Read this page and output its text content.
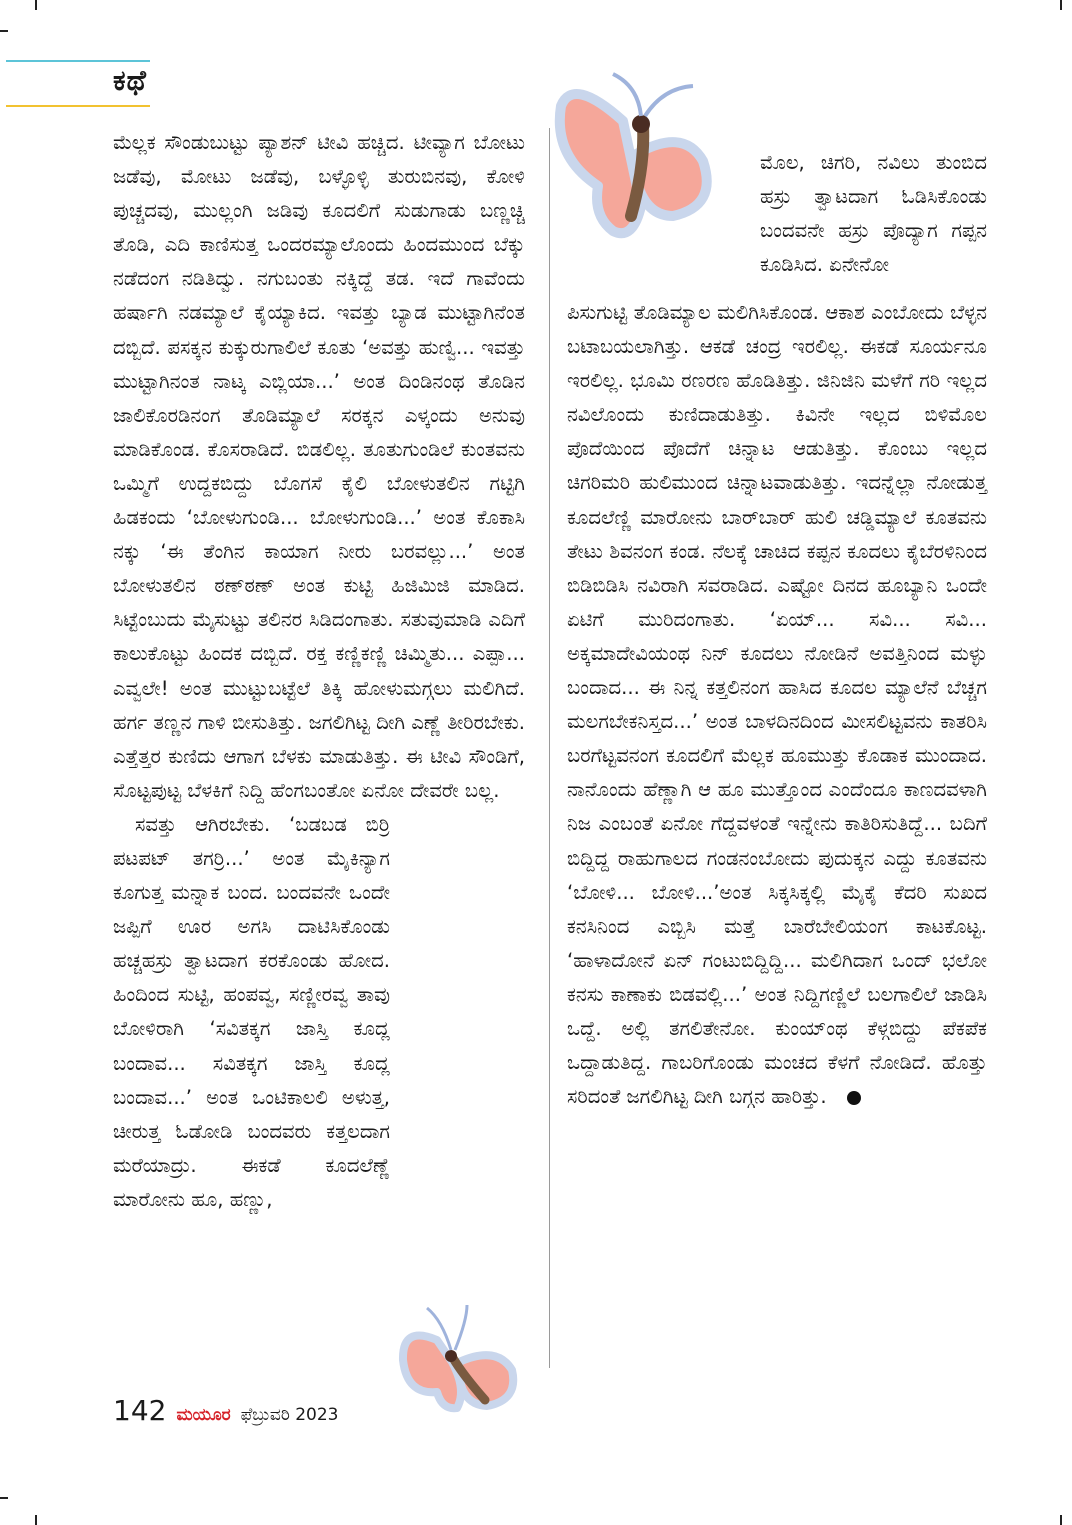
ಕಥೆ

ಮೆಲ್ಲಕ ಸೌಂಡುಬುಟ್ಟು ಪ್ಯಾಶನ್ ಟೀವಿ ಹಚ್ಚಿದ. ಟೀವ್ಯಾಗ ಬೋಟು ಜಡೆವು, ಮೋಟು ಜಡೆವು, ಬಳ್ಳೊಳ್ಳಿ ತುರುಬಿನವು, ಕೋಳಿ ಪುಚ್ಚದವು, ಮುಲ್ಲಂಗಿ ಜಡಿವು ಕೂದಲಿಗೆ ಸುಡುಗಾಡು ಬಣ್ಣಚ್ಚಿ ತೊಡಿ, ಎದಿ ಕಾಣಿಸುತ್ತ ಒಂದರಮ್ಯಾಲೊಂದು ಹಿಂದಮುಂದ ಬೆಕ್ಕು ನಡೆದಂಗ ನಡಿತಿದ್ವು. ನಗುಬಂತು ನಕ್ಕಿದ್ದೆ ತಡ. ಇದೆ ಗಾವೆಂದು ಹರ್ಷಾಗಿ ನಡಮ್ಯಾಲೆ ಕೈಯ್ಯಾಕಿದ. ಇವತ್ತು ಬ್ಯಾಡ ಮುಟ್ಟಾಗಿನೆಂತ ದಬ್ಬಿದೆ. ಪಸಕ್ಕನ ಕುಕ್ಕುರುಗಾಲಿಲೆ ಕೂತು ‘ಅವತ್ತು ಹುಣ್ವಿ... ಇವತ್ತು ಮುಟ್ಟಾಗಿನಂತ ನಾಟ್ಕ ಎಬ್ಲಿಯಾ...’ ಅಂತ ದಿಂಡಿನಂಥ ತೊಡಿನ ಜಾಲಿಕೊರಡಿನಂಗ ತೊಡಿಮ್ಯಾಲೆ ಸರಕ್ಕನ ಎಳ್ಕಂದು ಅನುವು ಮಾಡಿಕೊಂಡ. ಕೊಸರಾಡಿದೆ. ಬಿಡಲಿಲ್ಲ. ತೂತುಗುಂಡಿಲೆ ಕುಂತವನು ಒಮ್ಮಿಗೆ ಉದ್ದಕಬಿದ್ದು ಬೊಗಸೆ ಕೈಲಿ ಬೋಳುತಲಿನ ಗಟ್ಟಿಗಿ ಹಿಡಕಂದು ‘ಬೋಳುಗುಂಡಿ... ಬೋಳುಗುಂಡಿ...’ ಅಂತ ಕೊಕಾಸಿ ನಕ್ಕು ‘ಈ ತೆಂಗಿನ ಕಾಯಾಗ ನೀರು ಬರವಲ್ಲು...’ ಅಂತ ಬೋಳುತಲಿನ ಠಣ್‌ಠಣ್ ಅಂತ ಕುಟ್ಟಿ ಹಿಜಿಮಿಜಿ ಮಾಡಿದ. ಸಿಟ್ಟೆಂಬುದು ಮೈಸುಟ್ಟು ತಲಿನರ ಸಿಡಿದಂಗಾತು. ಸತುವುಮಾಡಿ ಎದಿಗೆ ಕಾಲುಕೊಟ್ಟು ಹಿಂದಕ ದಬ್ಬಿದೆ. ರಕ್ತ ಕಣ್ಣಿಕಣ್ಣಿ ಚಿಮ್ಮಿತು... ಎಪ್ಪಾ... ಎವ್ವಲೇ! ಅಂತ ಮುಟ್ಟುಬಟ್ಟೆಲೆ ತಿಕ್ಕಿ ಹೋಳುಮಗ್ಗಲು ಮಲಿಗಿದೆ. ಹರ್ಗ ತಣ್ಣನ ಗಾಳಿ ಬೀಸುತಿತ್ತು. ಜಗಲಿಗಿಟ್ಟ ದೀಗಿ ಎಣ್ಣೆ ತೀರಿರಬೇಕು. ಎತ್ತೆತ್ತರ ಕುಣಿದು ಆಗಾಗ ಬೆಳಕು ಮಾಡುತಿತ್ತು. ಈ ಟೀವಿ ಸೌಂಡಿಗೆ, ಸೊಟ್ಟಪುಟ್ಟ ಬೆಳಕಿಗೆ ನಿದ್ದಿ ಹೆಂಗಬಂತೋ ಏನೋ ದೇವರೇ ಬಲ್ಲ.

ಸವತ್ತು ಆಗಿರಬೇಕು. ‘ಬಡಬಡ ಬಿರ್ರಿ ಪಟಪಟ್ ತಗರ್ರಿ...’ ಅಂತ ಮೈಕಿನ್ಯಾಗ ಕೂಗುತ್ತ ಮನ್ನಾಕ ಬಂದ. ಬಂದವನೇ ಒಂದೇ ಜಪ್ಪಿಗೆ ಊರ ಅಗಸಿ ದಾಟಿಸಿಕೊಂಡು ಹಚ್ಚಹಸ್ರು ತ್ವಾಟದಾಗ ಕರಕೊಂಡು ಹೋದ. ಹಿಂದಿಂದ ಸುಟ್ಟಿ, ಹಂಪವ್ವ, ಸಣ್ಣೀರವ್ವ ತಾವು ಬೋಳಿರಾಗಿ ‘ಸವಿತಕ್ಕಗ ಜಾಸ್ತಿ ಕೂದ್ಲ ಬಂದಾವ... ಸವಿತಕ್ಕಗ ಜಾಸ್ತಿ ಕೂದ್ಲ ಬಂದಾವ...’ ಅಂತ ಒಂಟಿಕಾಲಲಿ ಅಳುತ್ತ, ಚೀರುತ್ತ ಓಡೋಡಿ ಬಂದವರು ಕತ್ತಲದಾಗ ಮರೆಯಾದ್ರು. ಈಕಡೆ ಕೂದಲೆಣ್ಣೆ ಮಾರೋನು ಹೂ, ಹಣ್ಣು,

ಮೊಲ, ಚಿಗರಿ, ನವಿಲು ತುಂಬಿದ ಹಸ್ರು ತ್ವಾಟದಾಗ ಓಡಿಸಿಕೊಂಡು ಬಂದವನೇ ಹಸ್ರು ಪೊದ್ಯಾಗ ಗಪ್ಪನ ಕೂಡಿಸಿದ. ಏನೇನೋ

ಪಿಸುಗುಟ್ಟಿ ತೊಡಿಮ್ಯಾಲ ಮಲಿಗಿಸಿಕೊಂಡ. ಆಕಾಶ ಎಂಬೋದು ಬೆಳ್ಳನ ಬಟಾಬಯಲಾಗಿತ್ತು. ಆಕಡೆ ಚಂದ್ರ ಇರಲಿಲ್ಲ. ಈಕಡೆ ಸೂರ್ಯನೂ ಇರಲಿಲ್ಲ. ಭೂಮಿ ರಣರಣ ಹೊಡಿತಿತ್ತು. ಜಿನಿಜಿನಿ ಮಳೆಗೆ ಗರಿ ಇಲ್ಲದ ನವಿಲೊಂದು ಕುಣಿದಾಡುತಿತ್ತು. ಕಿವಿನೇ ಇಲ್ಲದ ಬಿಳಿಮೊಲ ಪೊದೆಯಿಂದ ಪೊದೆಗೆ ಚಿನ್ನಾಟ ಆಡುತಿತ್ತು. ಕೊಂಬು ಇಲ್ಲದ ಚಿಗರಿಮರಿ ಹುಲಿಮುಂದ ಚಿನ್ನಾಟವಾಡುತಿತ್ತು. ಇದನ್ನೆಲ್ಲಾ ನೋಡುತ್ತ ಕೂದಲೆಣ್ಣಿ ಮಾರೋನು ಬಾರ್‌ಬಾರ್ ಹುಲಿ ಚಡ್ಡಿಮ್ಯಾಲೆ ಕೂತವನು ತೇಟು ಶಿವನಂಗ ಕಂಡ. ನೆಲಕ್ಕೆ ಚಾಚಿದ ಕಪ್ಪನ ಕೂದಲು ಕೈಬೆರಳಿನಿಂದ ಬಿಡಿಬಿಡಿಸಿ ನವಿರಾಗಿ ಸವರಾಡಿದ. ಎಷ್ಟೋ ದಿನದ ಹೂಬ್ಯಾನಿ ಒಂದೇ ಏಟಿಗೆ ಮುರಿದಂಗಾತು. ‘ಏಯ್... ಸವಿ... ಸವಿ... ಅಕ್ಕಮಾದೇವಿಯಂಥ ನಿನ್ ಕೂದಲು ನೋಡಿನೆ ಅವತ್ತಿನಿಂದ ಮಳ್ಳು ಬಂದಾದ... ಈ ನಿನ್ನ ಕತ್ತಲಿನಂಗ ಹಾಸಿದ ಕೂದಲ ಮ್ಯಾಲೆನೆ ಬೆಚ್ಚಗ ಮಲಗಬೇಕನಿಸ್ತದ...’ ಅಂತ ಬಾಳದಿನದಿಂದ ಮೀಸಲಿಟ್ಟವನು ಕಾತರಿಸಿ ಬರಗೆಟ್ಟವನಂಗ ಕೂದಲಿಗೆ ಮೆಲ್ಲಕ ಹೂಮುತ್ತು ಕೊಡಾಕ ಮುಂದಾದ. ನಾನೊಂದು ಹೆಣ್ಣಾಗಿ ಆ ಹೂ ಮುತ್ತೊಂದ ಎಂದೆಂದೂ ಕಾಣದವಳಾಗಿ ನಿಜ ಎಂಬಂತೆ ಏನೋ ಗೆದ್ದವಳಂತೆ ಇನ್ನೇನು ಕಾತಿರಿಸುತಿದ್ದೆ... ಬದಿಗೆ ಬಿದ್ದಿದ್ದ ರಾಹುಗಾಲದ ಗಂಡನಂಬೋದು ಪುದುಕ್ಕನ ಎದ್ದು ಕೂತವನು ‘ಬೋಳಿ... ಬೋಳಿ...’ಅಂತ ಸಿಕ್ಕಸಿಕ್ಕಲ್ಲಿ ಮೈಕೈ ಕೆದರಿ ಸುಖದ ಕನಸಿನಿಂದ ಎಬ್ಬಿಸಿ ಮತ್ತೆ ಬಾರೆಬೇಲಿಯಂಗ ಕಾಟಕೊಟ್ಟ. ‘ಹಾಳಾದೋನೆ ಏನ್ ಗಂಟುಬಿದ್ದಿದ್ದಿ... ಮಲಿಗಿದಾಗ ಒಂದ್ ಭಲೋ ಕನಸು ಕಾಣಾಕು ಬಿಡವಲ್ಲಿ...’ ಅಂತ ನಿದ್ದಿಗಣ್ಣಿಲೆ ಬಲಗಾಲಿಲೆ ಜಾಡಿಸಿ ಒದ್ದೆ. ಅಲ್ಲಿ ತಗಲಿತೇನೋ. ಕುಂಯ್‌ಂಥ ಕೆಳ್ಗಬಿದ್ದು ಪೆಕಪೆಕ ಒದ್ದಾಡುತಿದ್ದ. ಗಾಬರಿಗೊಂಡು ಮಂಚದ ಕೆಳಗೆ ನೋಡಿದೆ. ಹೊತ್ತು ಸರಿದಂತೆ ಜಗಲಿಗಿಟ್ಟ ದೀಗಿ ಬಗ್ಗನ ಹಾರಿತ್ತು.

142 ಮಯೂರ ಫೆಬ್ರುವರಿ 2023
